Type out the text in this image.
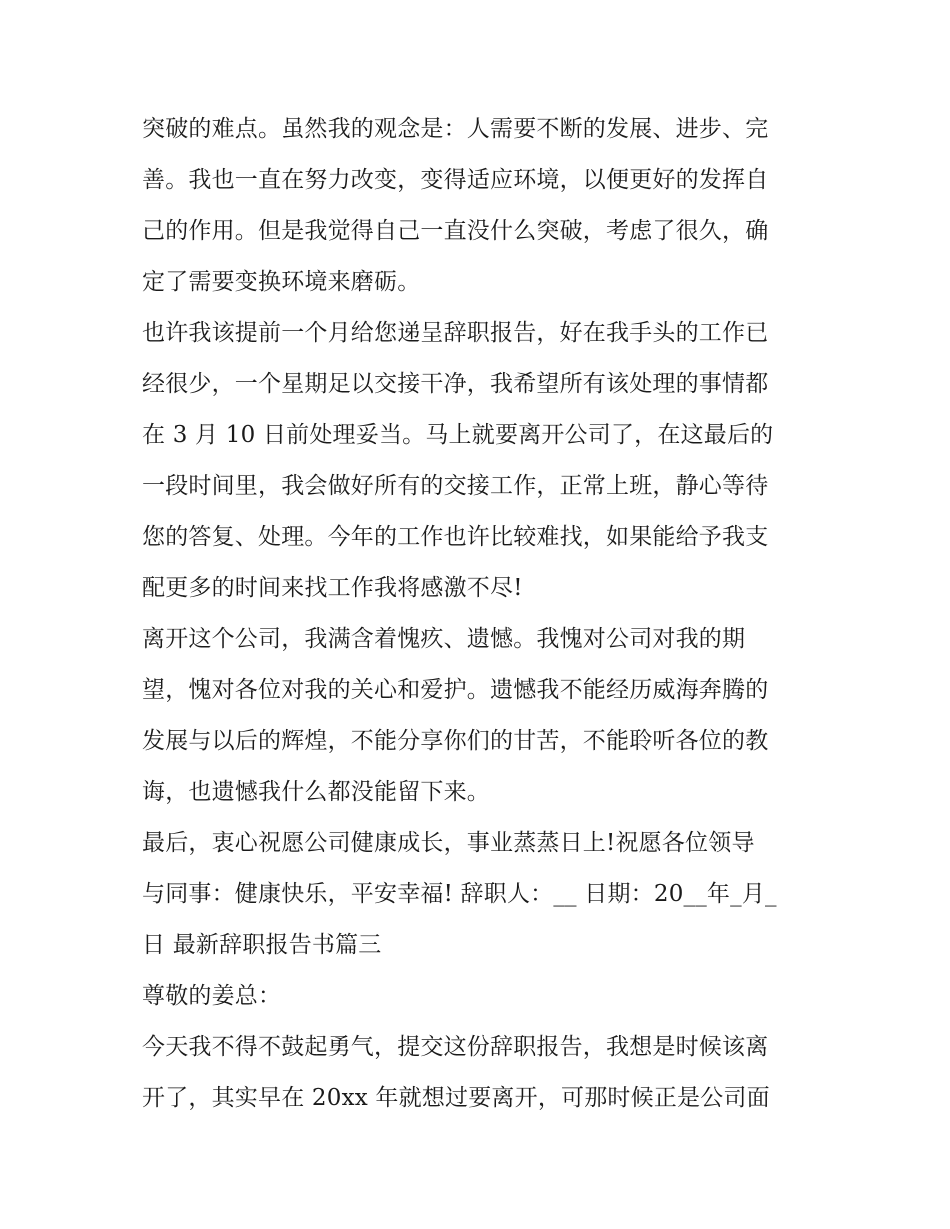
突破的难点。虽然我的观念是：人需要不断的发展、进步、完
善。我也一直在努力改变，变得适应环境，以便更好的发挥自
己的作用。但是我觉得自己一直没什么突破，考虑了很久，确
定了需要变换环境来磨砺。
也许我该提前一个月给您递呈辞职报告，好在我手头的工作已
经很少，一个星期足以交接干净，我希望所有该处理的事情都
在 3 月 10 日前处理妥当。马上就要离开公司了，在这最后的
一段时间里，我会做好所有的交接工作，正常上班，静心等待
您的答复、处理。今年的工作也许比较难找，如果能给予我支
配更多的时间来找工作我将感激不尽!
离开这个公司，我满含着愧疚、遗憾。我愧对公司对我的期
望，愧对各位对我的关心和爱护。遗憾我不能经历威海奔腾的
发展与以后的辉煌，不能分享你们的甘苦，不能聆听各位的教
诲，也遗憾我什么都没能留下来。
最后，衷心祝愿公司健康成长，事业蒸蒸日上!祝愿各位领导
与同事：健康快乐，平安幸福! 辞职人：__ 日期：20__年_月_
日 最新辞职报告书篇三
尊敬的姜总：
今天我不得不鼓起勇气，提交这份辞职报告，我想是时候该离
开了，其实早在 20xx 年就想过要离开，可那时候正是公司面
